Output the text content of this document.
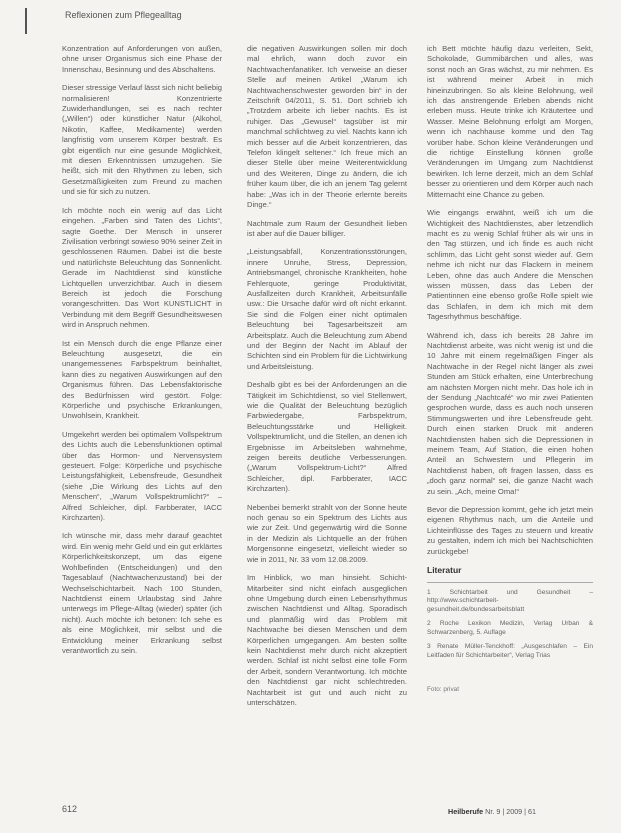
Reflexionen zum Pflegealltag

Konzentration auf Anforderungen von außen, ohne unser Organismus sich eine Phase der Innenschau, Besinnung und des Abschaltens.

Dieser stressige Verlauf lässt sich nicht beliebig normalisieren! Konzentrierte Zuwiderhandlungen, sei es nach rechter („Willen“) oder künstlicher Natur (Alkohol, Nikotin, Kaffee, Medikamente) werden langfristig vom unserem Körper bestraft. Es gibt eigentlich nur eine gesunde Möglichkeit, mit diesen Erkenntnissen umzugehen. Sie heißt, sich mit den Rhythmen zu leben, sich Gesetzmäßigkeiten zum Freund zu machen und sie für sich zu nutzen.

Ich möchte noch ein wenig auf das Licht eingehen. „Farben sind Taten des Lichts“, sagte Goethe. Der Mensch in unserer Zivilisation verbringt sowieso 90% seiner Zeit in geschlossenen Räumen. Dabei ist die beste und natürlichste Beleuchtung das Sonnenlicht. Gerade im Nachtdienst sind künstliche Lichtquellen unverzichtbar. Auch in diesem Bereich ist jedoch die Forschung vorangeschritten. Das Wort KUNSTLICHT in Verbindung mit dem Begriff Gesundheitswesen wird in Anspruch nehmen.

Ist ein Mensch durch die enge Pflanze einer Beleuchtung ausgesetzt, die ein unangemessenes Farbspektrum beinhaltet, kann dies zu negativen Auswirkungen auf den Organismus führen. Das Lebensfaktorische des Bedürfnissen wird gestört. Folge: Körperliche und psychische Erkrankungen, Unwohlsein, Krankheit.

Umgekehrt werden bei optimalem Vollspektrum des Lichts auch die Lebensfunktionen optimal über das Hormon- und Nervensystem gesteuert. Folge: Körperliche und psychische Leistungsfähigkeit, Lebensfreude, Gesundheit (siehe „Die Wirkung des Lichts auf den Menschen“, „Warum Vollspektrumlicht?“ – Alfred Schleicher, dipl. Farbberater, IACC Kirchzarten).

Ich wünsche mir, dass mehr darauf geachtet wird. Ein wenig mehr Geld und ein gut erklärtes Körperlichkeitskonzept, um das eigene Wohlbefinden (Entscheidungen) und den Tagesablauf (Nachtwachenzustand) bei der Wechselschichtarbeit. Nach 100 Stunden, Nachtdienst einem Urlaubstag sind Jahre unterwegs im Pflege-Alltag (wieder) später (ich nicht). Auch möchte ich betonen: Ich sehe es als eine Möglichkeit, mir selbst und die Entwicklung meiner Erkrankung selbst verantwortlich zu sein.

die negativen Auswirkungen sollen mir doch mal ehrlich, wann doch zuvor ein Nachtwachenfanatiker. Ich verweise an dieser Stelle auf meinen Artikel „Warum ich Nachtwachenschwester geworden bin“ in der Zeitschrift 04/2011, S. 51. Dort schrieb ich „Trotzdem arbeite ich lieber nachts. Es ist ruhiger. Das „Gewusel“ tagsüber ist mir manchmal schlichtweg zu viel. Nachts kann ich mich besser auf die Arbeit konzentrieren, das Telefon klingelt seltener.“ Ich freue mich an dieser Stelle über meine Weiterentwicklung und des Weiteren, Dinge zu ändern, die ich früher kaum über, die ich an jenem Tag gelernt habe: „Was ich in der Theorie erlernte bereits Dinge.“

Nachtmale zum Raum der Gesundheit lieben ist aber auf die Dauer billiger.

„Leistungsabfall, Konzentrationsstörungen, innere Unruhe, Stress, Depression, Antriebsmangel, chronische Krankheiten, hohe Fehlerquote, geringe Produktivität, Ausfallzeiten durch Krankheit, Arbeitsunfälle usw.: Die Ursache dafür wird oft nicht erkannt. Sie sind die Folgen einer nicht optimalen Beleuchtung bei Tagesarbeitszeit am Arbeitsplatz. Auch die Beleuchtung zum Abend und der Beginn der Nacht im Ablauf der Schichten sind ein Problem für die Lichtwirkung und Arbeitsleistung.

Deshalb gibt es bei der Anforderungen an die Tätigkeit im Schichtdienst, so viel Stellenwert, wie die Qualität der Beleuchtung bezüglich Farbwiedergabe, Farbspektrum, Beleuchtungsstärke und Helligkeit. Vollspektrumlicht, und die Stellen, an denen ich Ergebnisse im Arbeitsleben wahrnehme, zeigen bereits deutliche Verbesserungen. („Warum Vollspektrum-Licht?“ Alfred Schleicher, dipl. Farbberater, IACC Kirchzarten).

Nebenbei bemerkt strahlt von der Sonne heute noch genau so ein Spektrum des Lichts aus wie zur Zeit. Und gegenwärtig wird die Sonne in der Medizin als Lichtquelle an der frühen Morgensonne eingesetzt, vielleicht wieder so wie in 2011, Nr. 33 vom 12.08.2009.

Im Hinblick, wo man hinsieht. Schicht-Mitarbeiter sind nicht einfach ausgeglichen ohne Umgebung durch einen Lebensrhythmus zwischen Nachtdienst und Alltag. Sporadisch und planmäßig wird das Problem mit Nachtwache bei diesen Menschen und dem Körperlichen umgegangen. Am besten sollte kein Nachtdienst mehr durch nicht akzeptiert werden. Schlaf ist nicht selbst eine tolle Form der Arbeit, sondern Verantwortung. Ich möchte den Nachtdienst gar nicht schlechtreden. Nachtarbeit ist gut und auch nicht zu unterschätzen.

ich Bett möchte häufig dazu verleiten, Sekt, Schokolade, Gummibärchen und alles, was sonst noch an Gras wächst, zu mir nehmen. Es ist während meiner Arbeit in mich hineinzubringen. So als kleine Belohnung, weil ich das anstrengende Erleben abends nicht erleben muss. Heute trinke ich Kräutertee und Wasser. Meine Belohnung erfolgt am Morgen, wenn ich nachhause komme und den Tag vorüber habe. Schon kleine Veränderungen und die richtige Einstellung können große Veränderungen im Umgang zum Nachtdienst bewirken. Ich lerne derzeit, mich an dem Schlaf besser zu orientieren und dem Körper auch nach Mitternacht eine Chance zu geben.

Wie eingangs erwähnt, weiß ich um die Wichtigkeit des Nachtdienstes, aber letzendlich macht es zu wenig Schlaf früher als wir uns in den Tag stürzen, und ich finde es auch nicht schlimm, das Licht geht sonst wieder auf. Gern nehme ich nicht nur das Flackern in meinem Leben, ohne das auch Andere die Menschen wissen müssen, dass das Leben der Patientinnen eine ebenso große Rolle spielt wie das Schlafen, in dem ich mich mit dem Tagesrhythmus beschäftige.

Während ich, dass ich bereits 28 Jahre im Nachtdienst arbeite, was nicht wenig ist und die 10 Jahre mit einem regelmäßigen Finger als Nachtwache in der Regel nicht länger als zwei Stunden am Stück erhalten, eine Unterbrechung am nächsten Morgen nicht mehr. Das hole ich in der Sendung „Nachtcafé“ wo mir zwei Patienten gesprochen wurde, dass es auch noch unseren Stimmungswerten und ihre Lebensfreude geht. Durch einen starken Druck mit anderen Nachtdiensten haben sich die Depressionen in meinem Team, Auf Station, die einen hohen Anteil an Schwestern und Pflegerin im Nachtdienst haben, oft fragen lassen, dass es „doch ganz normal“ sei, die ganze Nacht wach zu sein. „Ach, meine Oma!“

Bevor die Depression kommt, gehe ich jetzt mein eigenen Rhythmus nach, um die Anteile und Lichteinflüsse des Tages zu steuern und kreativ zu gestalten, indem ich mich bei Nachtschichten zurückgebe!

Literatur
1 Schichtarbeit und Gesundheit – http://www.schichtarbeit-gesundheit.de/bundesarbeitsblatt
2 Roche Lexikon Medizin, Verlag Urban & Schwarzenberg, 5. Auflage
3 Renate Müller-Tenckhoff: „Ausgeschlafen – Ein Leitfaden für Schichtarbeiter“, Verlag Trias
Foto: privat
612	Heilberufe Nr. 9 | 2009 | 61
